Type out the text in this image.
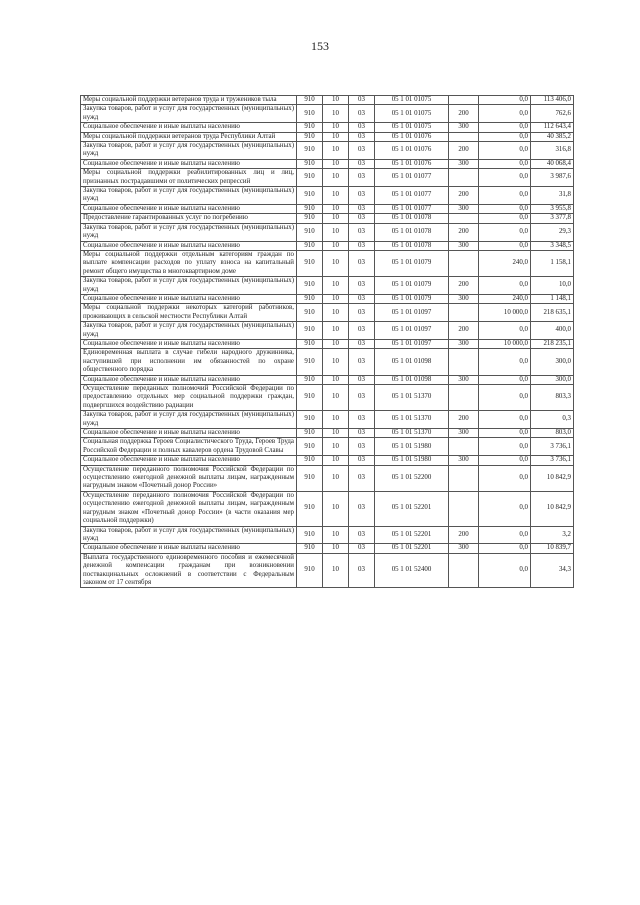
153
Меры социальной поддержки ветеранов труда и тружеников тыла	910	10	03	05 1 01 01075		0,0	113 406,0
Закупка товаров, работ и услуг для государственных (муниципальных) нужд	910	10	03	05 1 01 01075	200	0,0	762,6
Социальное обеспечение и иные выплаты населению	910	10	03	05 1 01 01075	300	0,0	112 643,4
Меры социальной поддержки ветеранов труда Республики Алтай	910	10	03	05 1 01 01076		0,0	40 385,2
Закупка товаров, работ и услуг для государственных (муниципальных) нужд	910	10	03	05 1 01 01076	200	0,0	316,8
Социальное обеспечение и иные выплаты населению	910	10	03	05 1 01 01076	300	0,0	40 068,4
Меры социальной поддержки реабилитированных лиц и лиц, признанных пострадавшими от политических репрессий	910	10	03	05 1 01 01077		0,0	3 987,6
Закупка товаров, работ и услуг для государственных (муниципальных) нужд	910	10	03	05 1 01 01077	200	0,0	31,8
Социальное обеспечение и иные выплаты населению	910	10	03	05 1 01 01077	300	0,0	3 955,8
Предоставление гарантированных услуг по погребению	910	10	03	05 1 01 01078		0,0	3 377,8
Закупка товаров, работ и услуг для государственных (муниципальных) нужд	910	10	03	05 1 01 01078	200	0,0	29,3
Социальное обеспечение и иные выплаты населению	910	10	03	05 1 01 01078	300	0,0	3 348,5
Меры социальной поддержки отдельным категориям граждан по выплате компенсации расходов по уплату взноса на капитальный ремонт общего имущества в многоквартирном доме	910	10	03	05 1 01 01079		240,0	1 158,1
Закупка товаров, работ и услуг для государственных (муниципальных) нужд	910	10	03	05 1 01 01079	200	0,0	10,0
Социальное обеспечение и иные выплаты населению	910	10	03	05 1 01 01079	300	240,0	1 148,1
Меры социальной поддержки некоторых категорий работников, проживающих в сельской местности Республики Алтай	910	10	03	05 1 01 01097		10 000,0	218 635,1
Закупка товаров, работ и услуг для государственных (муниципальных) нужд	910	10	03	05 1 01 01097	200	0,0	400,0
Социальное обеспечение и иные выплаты населению	910	10	03	05 1 01 01097	300	10 000,0	218 235,1
Единовременная выплата в случае гибели народного дружинника, наступившей при исполнении им обязанностей по охране общественного порядка	910	10	03	05 1 01 01098		0,0	300,0
Социальное обеспечение и иные выплаты населению	910	10	03	05 1 01 01098	300	0,0	300,0
Осуществление переданных полномочий Российской Федерации по предоставлению отдельных мер социальной поддержки граждан, подвергшихся воздействию радиации	910	10	03	05 1 01 51370		0,0	803,3
Закупка товаров, работ и услуг для государственных (муниципальных) нужд	910	10	03	05 1 01 51370	200	0,0	0,3
Социальное обеспечение и иные выплаты населению	910	10	03	05 1 01 51370	300	0,0	803,0
Социальная поддержка Героев Социалистического Труда, Героев Труда Российской Федерации и полных кавалеров ордена Трудовой Славы	910	10	03	05 1 01 51980		0,0	3 736,1
Социальное обеспечение и иные выплаты населению	910	10	03	05 1 01 51980	300	0,0	3 736,1
Осуществление переданного полномочия Российской Федерации по осуществлению ежегодной денежной выплаты лицам, награжденным нагрудным знаком «Почетный донор России»	910	10	03	05 1 01 52200		0,0	10 842,9
Осуществление переданного полномочия Российской Федерации по осуществлению ежегодной денежной выплаты лицам, награжденным нагрудным знаком «Почетный донор России» (в части оказания мер социальной поддержки)	910	10	03	05 1 01 52201		0,0	10 842,9
Закупка товаров, работ и услуг для государственных (муниципальных) нужд	910	10	03	05 1 01 52201	200	0,0	3,2
Социальное обеспечение и иные выплаты населению	910	10	03	05 1 01 52201	300	0,0	10 839,7
Выплата государственного единовременного пособия и ежемесячной денежной компенсации гражданам при возникновении поствакцинальных осложнений в соответствии с Федеральным законом от 17 сентября	910	10	03	05 1 01 52400		0,0	34,3
